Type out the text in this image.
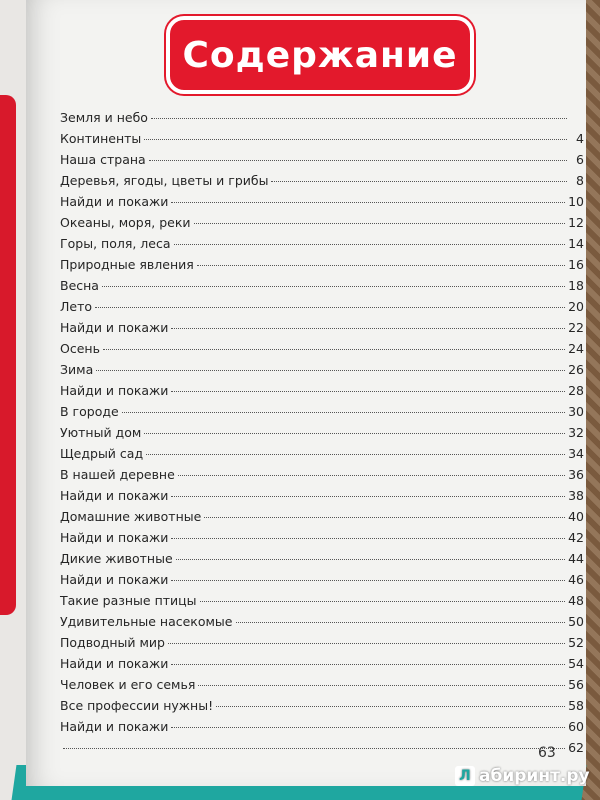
Содержание
Земля и небо
Континенты	4
Наша страна	6
Деревья, ягоды, цветы и грибы	8
Найди и покажи	10
Океаны, моря, реки	12
Горы, поля, леса	14
Природные явления	16
Весна	18
Лето	20
Найди и покажи	22
Осень	24
Зима	26
Найди и покажи	28
В городе	30
Уютный дом	32
Щедрый сад	34
В нашей деревне	36
Найди и покажи	38
Домашние животные	40
Найди и покажи	42
Дикие животные	44
Найди и покажи	46
Такие разные птицы	48
Удивительные насекомые	50
Подводный мир	52
Найди и покажи	54
Человек и его семья	56
Все профессии нужны!	58
Найди и покажи	60
62
63
Л абиринт.ру
